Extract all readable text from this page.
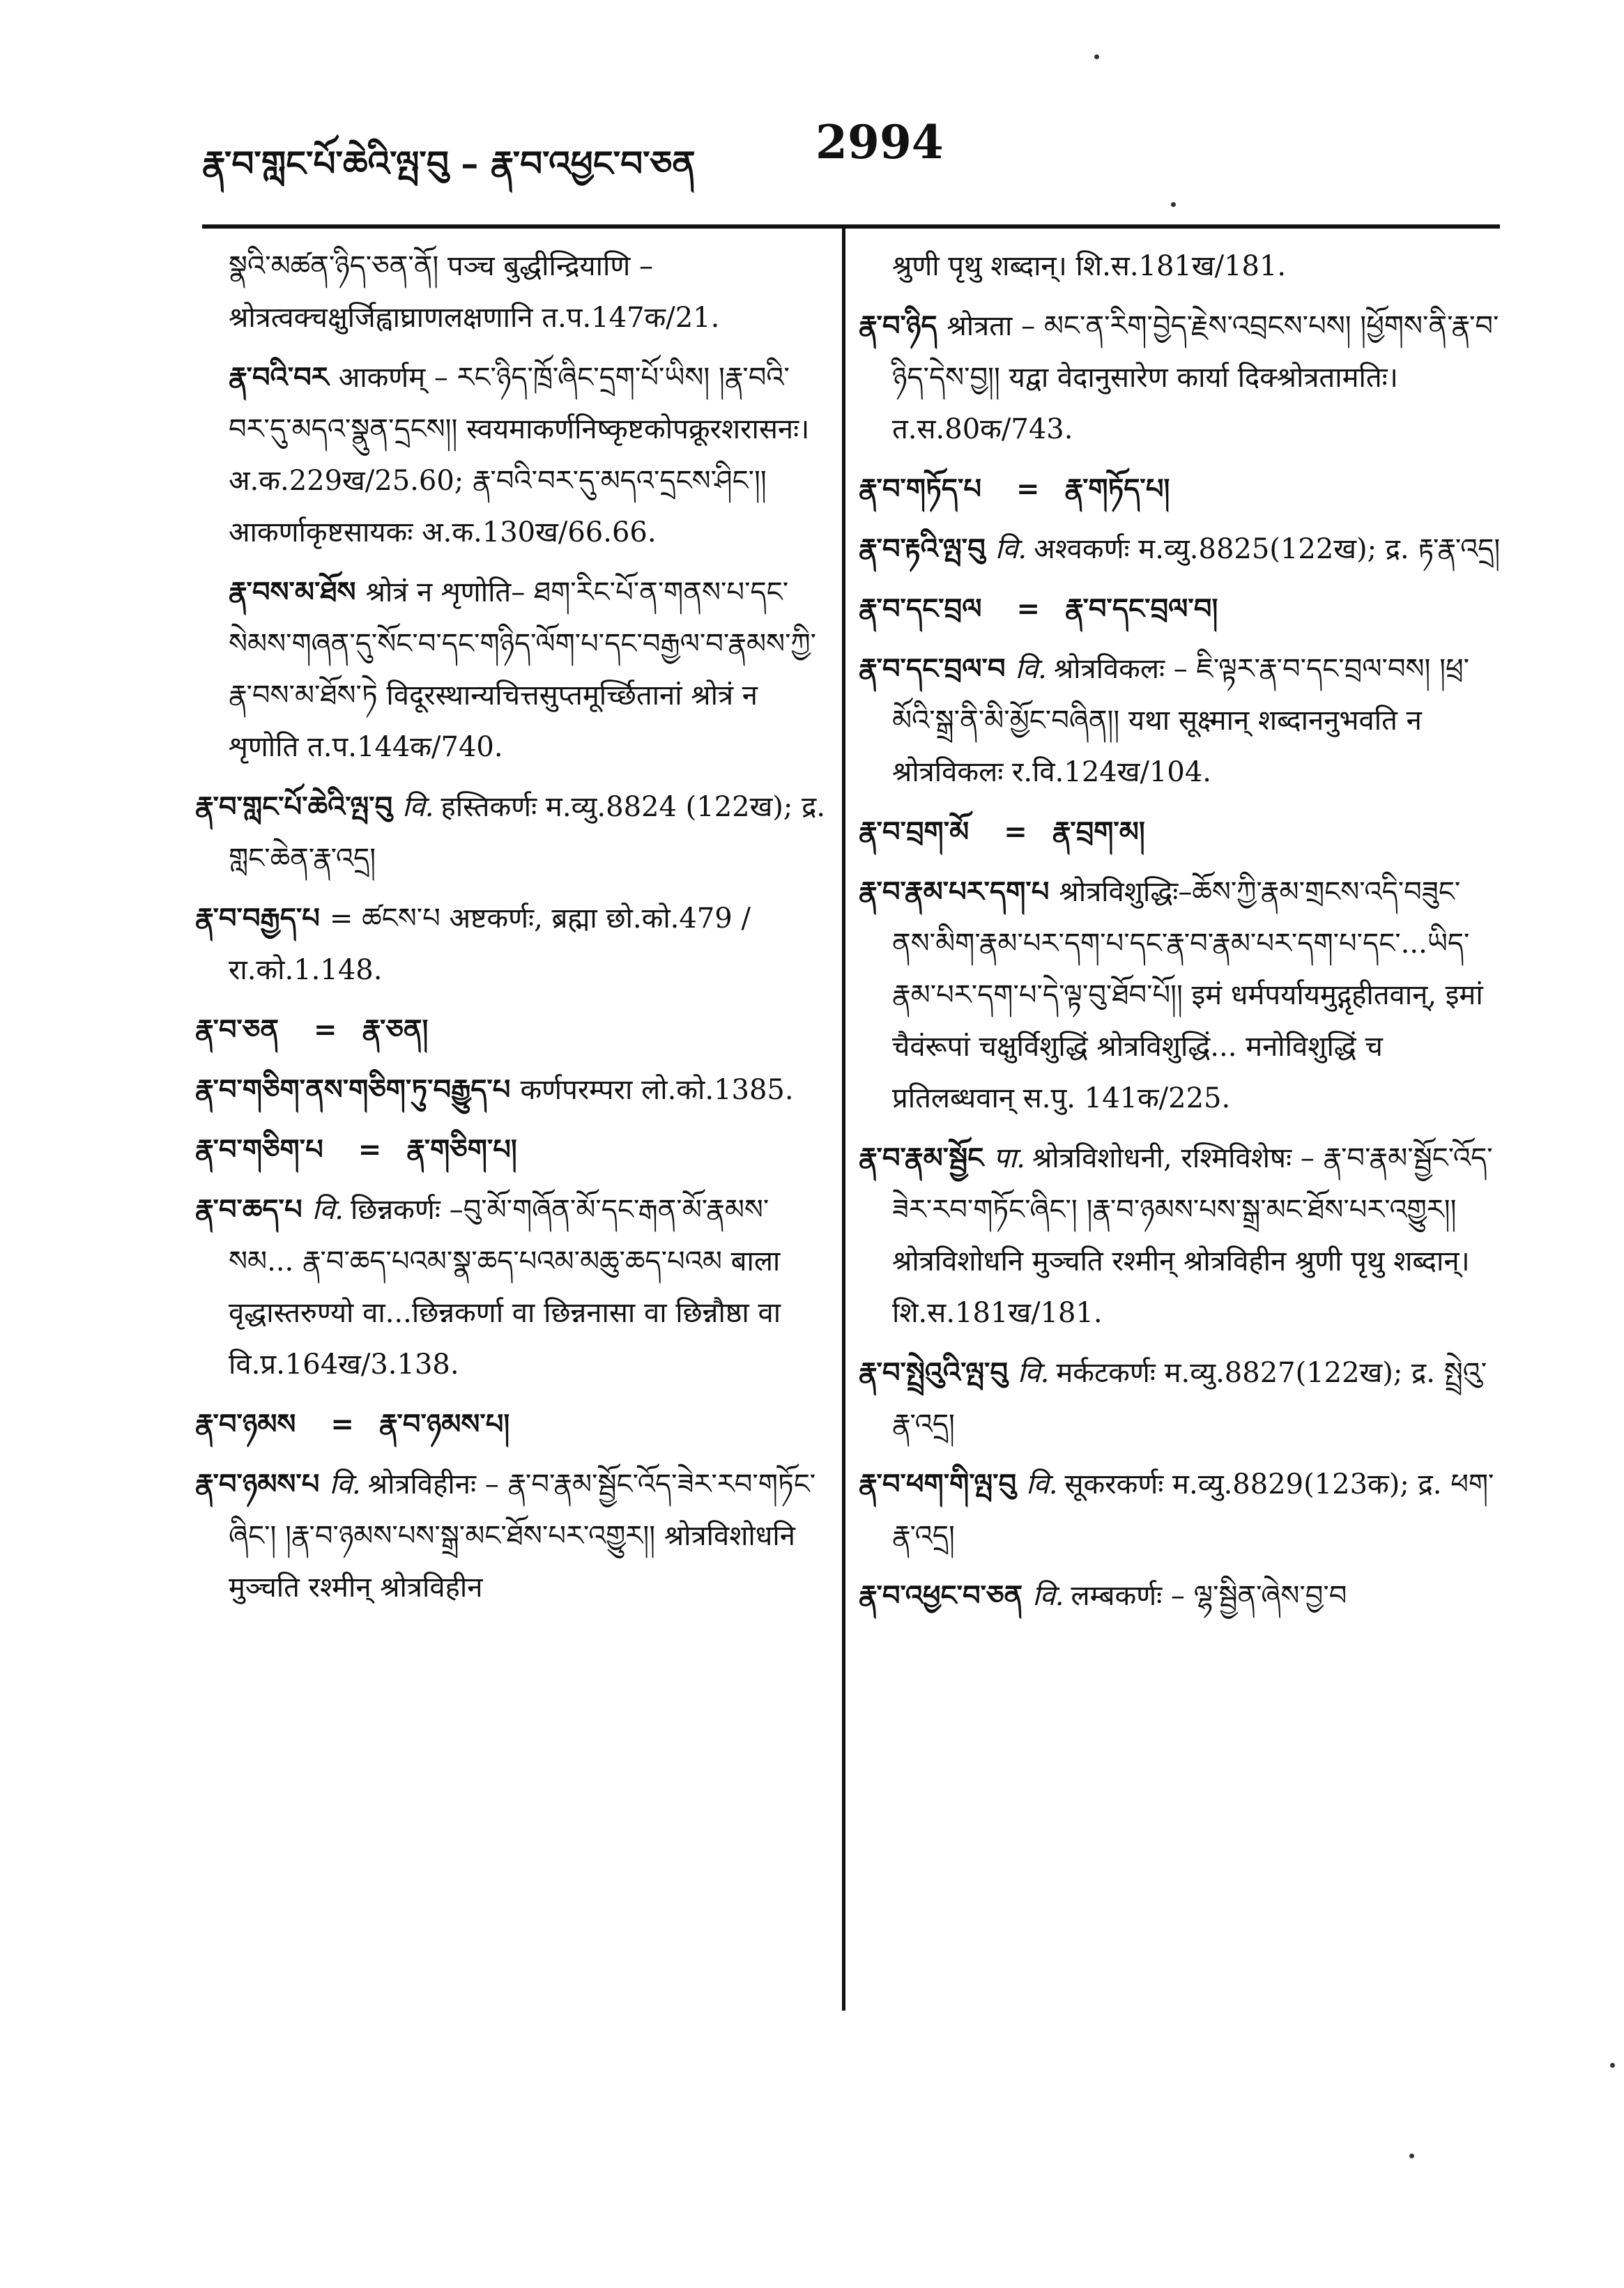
རྣ་བ་གླང་པོ་ཆེའི་ལྤ་བུ – རྣ་བ་འཕྱང་བ་ཅན	2994

སྣའི་མཚན་ཉིད་ཅན་ནོ། पञ्च बुद्धीन्द्रियाणि – श्रोत्रत्वक्चक्षुर्जिह्वाघ्राणलक्षणानि त.प.147क/21.

རྣ་བའི་བར आकर्णम् – རང་ཉིད་ཁྲོ་ཞིང་དྲག་པོ་ཡིས། །རྣ་བའི་བར་དུ་མདའ་སྣུན་དྲངས།། स्वयमाकर्णनिष्कृष्टकोपक्रूरशरासनः। अ.क.229ख/25.60; རྣ་བའི་བར་དུ་མདའ་དྲངས་ཤིང་།། आकर्णाकृष्टसायकः अ.क.130ख/66.66.

རྣ་བས་མ་ཐོས श्रोत्रं न शृणोति– ཐག་རིང་པོ་ན་གནས་པ་དང་སེམས་གཞན་དུ་སོང་བ་དང་གཉིད་ལོག་པ་དང་བརྒྱལ་བ་རྣམས་ཀྱི་རྣ་བས་མ་ཐོས་ཏེ विदूरस्थान्यचित्तसुप्तमूर्च्छितानां श्रोत्रं न शृणोति त.प.144क/740.

རྣ་བ་གླང་པོ་ཆེའི་ལྤ་བུ वि. हस्तिकर्णः म.व्यु.8824 (122ख); द्र. གླང་ཆེན་རྣ་འདྲ།

རྣ་བ་བརྒྱད་པ = ཚངས་པ अष्टकर्णः, ब्रह्मा छो.को.479 /रा.को.1.148.

རྣ་བ་ཅན = རྣ་ཅན།

རྣ་བ་གཅིག་ནས་གཅིག་ཏུ་བརྒྱུད་པ कर्णपरम्परा लो.को.1385.

རྣ་བ་གཅིག་པ = རྣ་གཅིག་པ།

རྣ་བ་ཆད་པ वि. छिन्नकर्णः –བུ་མོ་གཞོན་མོ་དང་རྒན་མོ་རྣམས་སམ... རྣ་བ་ཆད་པའམ་སྣ་ཆད་པའམ་མཆུ་ཆད་པའམ बाला वृद्धास्तरुण्यो वा...छिन्नकर्णा वा छिन्ननासा वा छिन्नौष्ठा वा वि.प्र.164ख/3.138.

རྣ་བ་ཉམས = རྣ་བ་ཉམས་པ།

རྣ་བ་ཉམས་པ वि. श्रोत्रविहीनः – རྣ་བ་རྣམ་སྦྱོང་འོད་ཟེར་རབ་གཏོང་ཞིང་། །རྣ་བ་ཉམས་པས་སྒྲ་མང་ཐོས་པར་འགྱུར།། श्रोत्रविशोधनि मुञ्चति रश्मीन् श्रोत्रविहीन

श्रुणी पृथु शब्दान्। शि.स.181ख/181.

རྣ་བ་ཉིད श्रोत्रता – མང་ན་རིག་བྱེད་རྗེས་འབྲངས་པས། །ཕྱོགས་ནི་རྣ་བ་ཉིད་དེས་བྱ།། यद्वा वेदानुसारेण कार्या दिक्श्रोत्रतामतिः। त.स.80क/743.

རྣ་བ་གཏོད་པ = རྣ་གཏོད་པ།

རྣ་བ་རྟའི་ལྤ་བུ वि. अश्वकर्णः म.व्यु.8825(122ख); द्र. རྟ་རྣ་འདྲ།

རྣ་བ་དང་བྲལ = རྣ་བ་དང་བྲལ་བ།

རྣ་བ་དང་བྲལ་བ वि. श्रोत्रविकलः – ཇི་ལྟར་རྣ་བ་དང་བྲལ་བས། །ཕྲ་མོའི་སྒྲ་ནི་མི་མྱོང་བཞིན།། यथा सूक्ष्मान् शब्दाननुभवति न श्रोत्रविकलः र.वि.124ख/104.

རྣ་བ་བྲག་མོ = རྣ་བྲག་མ།

རྣ་བ་རྣམ་པར་དག་པ श्रोत्रविशुद्धिः–ཆོས་ཀྱི་རྣམ་གྲངས་འདི་བཟུང་ནས་མིག་རྣམ་པར་དག་པ་དང་རྣ་བ་རྣམ་པར་དག་པ་དང་...ཡིད་རྣམ་པར་དག་པ་དེ་ལྟ་བུ་ཐོབ་པོ།། इमं धर्मपर्यायमुद्गृहीतवान्, इमां चैवंरूपां चक्षुर्विशुद्धिं श्रोत्रविशुद्धिं... मनोविशुद्धिं च प्रतिलब्धवान् स.पु. 141क/225.

རྣ་བ་རྣམ་སྦྱོང पा. श्रोत्रविशोधनी, रश्मिविशेषः – རྣ་བ་རྣམ་སྦྱོང་འོད་ཟེར་རབ་གཏོང་ཞིང་། །རྣ་བ་ཉམས་པས་སྒྲ་མང་ཐོས་པར་འགྱུར།། श्रोत्रविशोधनि मुञ्चति रश्मीन् श्रोत्रविहीन श्रुणी पृथु शब्दान्। शि.स.181ख/181.

རྣ་བ་སྤྲེའུའི་ལྤ་བུ वि. मर्कटकर्णः म.व्यु.8827(122ख); द्र. སྤྲེའུ་རྣ་འདྲ།

རྣ་བ་ཕག་གི་ལྤ་བུ वि. सूकरकर्णः म.व्यु.8829(123क); द्र. ཕག་རྣ་འདྲ།

རྣ་བ་འཕྱང་བ་ཅན वि. लम्बकर्णः – ལྷ་སྦྱིན་ཞེས་བྱ་བ
